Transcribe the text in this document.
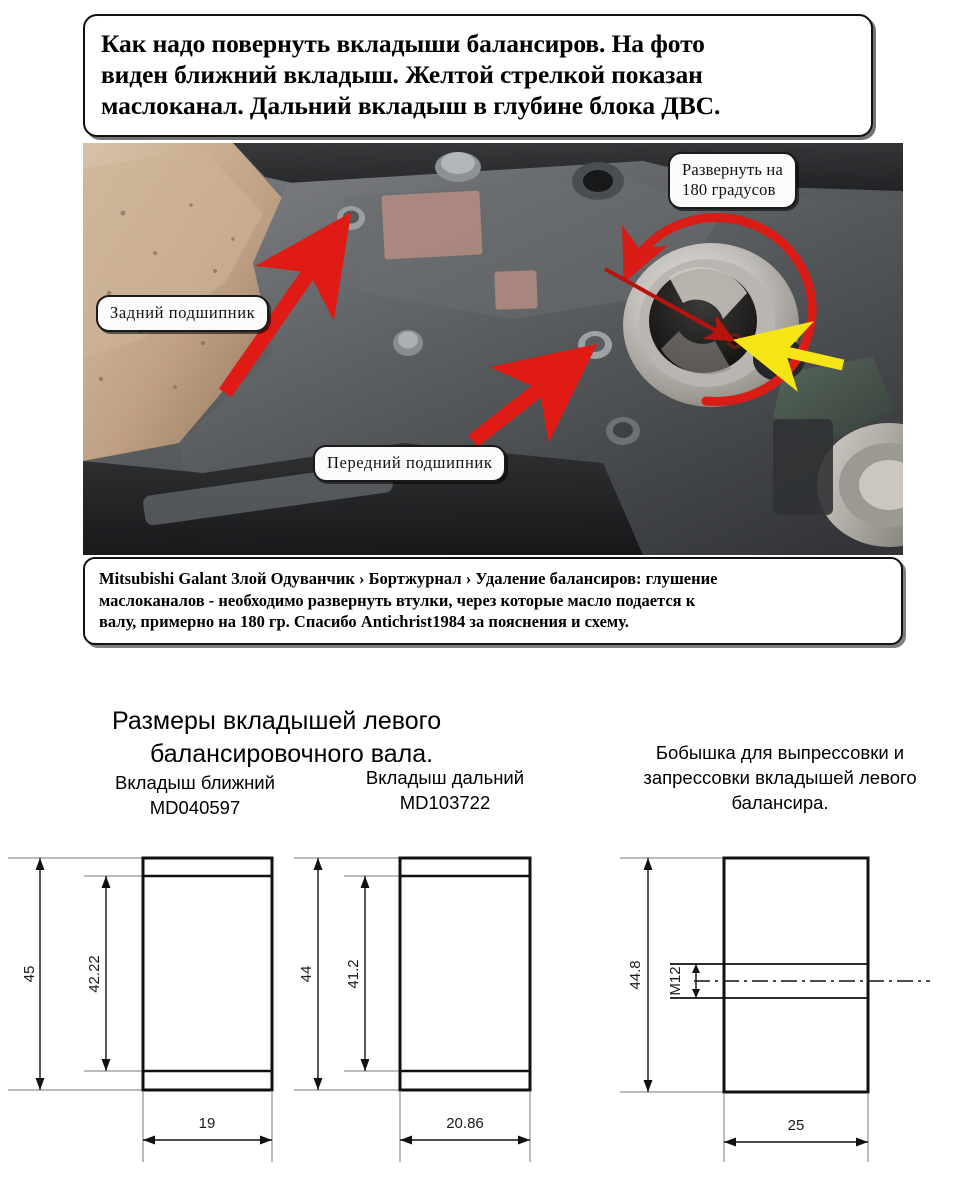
Как надо повернуть вкладыши балансиров. На фото
виден ближний вкладыш. Желтой стрелкой показан
маслоканал. Дальний вкладыш в глубине блока ДВС.
Задний подшипник
Передний подшипник
Развернуть на
180 градусов
Mitsubishi Galant Злой Одуванчик › Бортжурнал › Удаление балансиров: глушение
маслоканалов - необходимо развернуть втулки, через которые масло подается к
валу, примерно на 180 гр. Спасибо Antichrist1984 за пояснения и схему.

Размеры вкладышей левого

балансировочного вала.	Бобышка для выпрессовки и
запрессовки вкладышей левого
балансира.
Вкладыш ближний
MD040597
Вкладыш дальний
MD103722
45	42.22
19
44 41.2
20.86
44.8 M12
25
